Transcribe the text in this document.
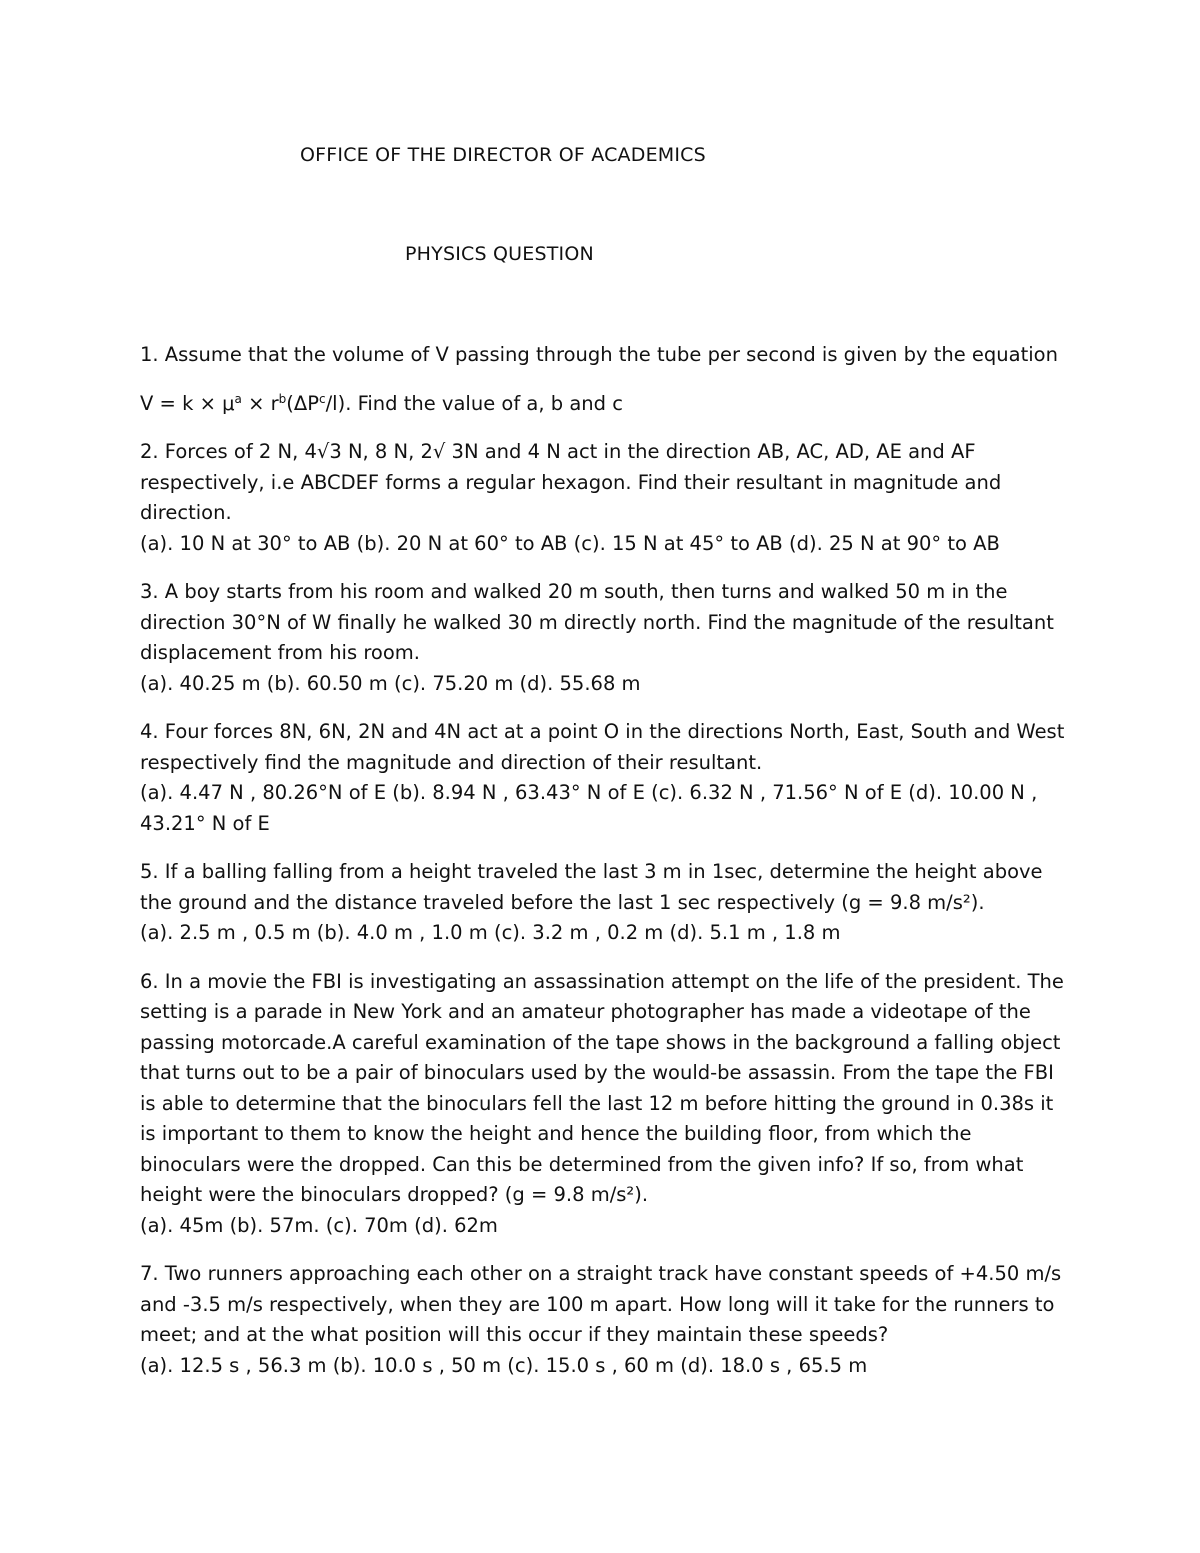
OFFICE OF THE DIRECTOR OF ACADEMICS
PHYSICS QUESTION

1. Assume that the volume of V passing through the tube per second is given by the equation

$V = k \times \mu^a \times r^b(\Delta P^c/l)$. Find the value of a, b and c

2. Forces of 2 N, 4√3 N, 8 N, 2√ 3N and 4 N act in the direction AB, AC, AD, AE and AF respectively, i.e ABCDEF forms a regular hexagon. Find their resultant in magnitude and direction.

(a). 10 N at 30° to AB (b). 20 N at 60° to AB (c). 15 N at 45° to AB (d). 25 N at 90° to AB

3. A boy starts from his room and walked 20 m south, then turns and walked 50 m in the direction 30°N of W finally he walked 30 m directly north. Find the magnitude of the resultant displacement from his room.

(a). 40.25 m (b). 60.50 m (c). 75.20 m (d). 55.68 m

4. Four forces 8N, 6N, 2N and 4N act at a point O in the directions North, East, South and West respectively find the magnitude and direction of their resultant.

(a). 4.47 N , 80.26°N of E (b). 8.94 N , 63.43° N of E (c). 6.32 N , 71.56° N of E (d). 10.00 N , 43.21° N of E

5. If a balling falling from a height traveled the last 3 m in 1sec, determine the height above the ground and the distance traveled before the last 1 sec respectively (g = 9.8 m/s²).

(a). 2.5 m , 0.5 m (b). 4.0 m , 1.0 m (c). 3.2 m , 0.2 m (d). 5.1 m , 1.8 m

6. In a movie the FBI is investigating an assassination attempt on the life of the president. The setting is a parade in New York and an amateur photographer has made a videotape of the passing motorcade.A careful examination of the tape shows in the background a falling object that turns out to be a pair of binoculars used by the would-be assassin. From the tape the FBI is able to determine that the binoculars fell the last 12 m before hitting the ground in 0.38s it is important to them to know the height and hence the building floor, from which the binoculars were the dropped. Can this be determined from the given info? If so, from what height were the binoculars dropped? (g = 9.8 m/s²).

(a). 45m (b). 57m. (c). 70m (d). 62m

7. Two runners approaching each other on a straight track have constant speeds of +4.50 m/s and -3.5 m/s respectively, when they are 100 m apart. How long will it take for the runners to meet; and at the what position will this occur if they maintain these speeds?

(a). 12.5 s , 56.3 m (b). 10.0 s , 50 m (c). 15.0 s , 60 m (d). 18.0 s , 65.5 m
